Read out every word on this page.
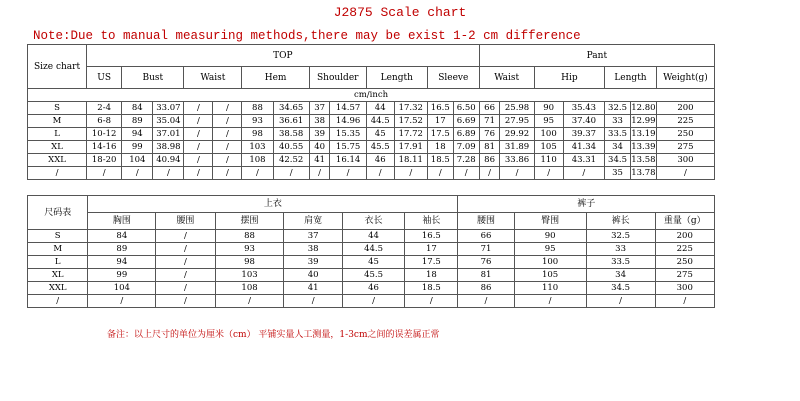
J2875 Scale chart
Note:Due to manual measuring methods,there may be exist 1-2 cm difference
Size chart	TOP													Pant						
	US	Bust		Waist		Hem		Shoulder		Length		Sleeve		Waist		Hip		Length		Weight(g)
cm/inch																				
S	2-4	84	33.07	/	/	88	34.65	37	14.57	44	17.32	16.5	6.50	66	25.98	90	35.43	32.5	12.80	200
M	6-8	89	35.04	/	/	93	36.61	38	14.96	44.5	17.52	17	6.69	71	27.95	95	37.40	33	12.99	225
L	10-12	94	37.01	/	/	98	38.58	39	15.35	45	17.72	17.5	6.89	76	29.92	100	39.37	33.5	13.19	250
XL	14-16	99	38.98	/	/	103	40.55	40	15.75	45.5	17.91	18	7.09	81	31.89	105	41.34	34	13.39	275
XXL	18-20	104	40.94	/	/	108	42.52	41	16.14	46	18.11	18.5	7.28	86	33.86	110	43.31	34.5	13.58	300
/	/	/	/	/	/	/	/	/	/	/	/	/	/	/	/	/	/	35	13.78	/
尺码表	上衣						裤子			
	胸围	腰围	摆围	肩宽	衣长	袖长	腰围	臀围	裤长	重量（g）
S	84	/	88	37	44	16.5	66	90	32.5	200
M	89	/	93	38	44.5	17	71	95	33	225
L	94	/	98	39	45	17.5	76	100	33.5	250
XL	99	/	103	40	45.5	18	81	105	34	275
XXL	104	/	108	41	46	18.5	86	110	34.5	300
/	/	/	/	/	/	/	/	/	/	/
备注：以上尺寸的单位为厘米（cm） 平铺实量人工测量，1-3cm之间的误差属正常
